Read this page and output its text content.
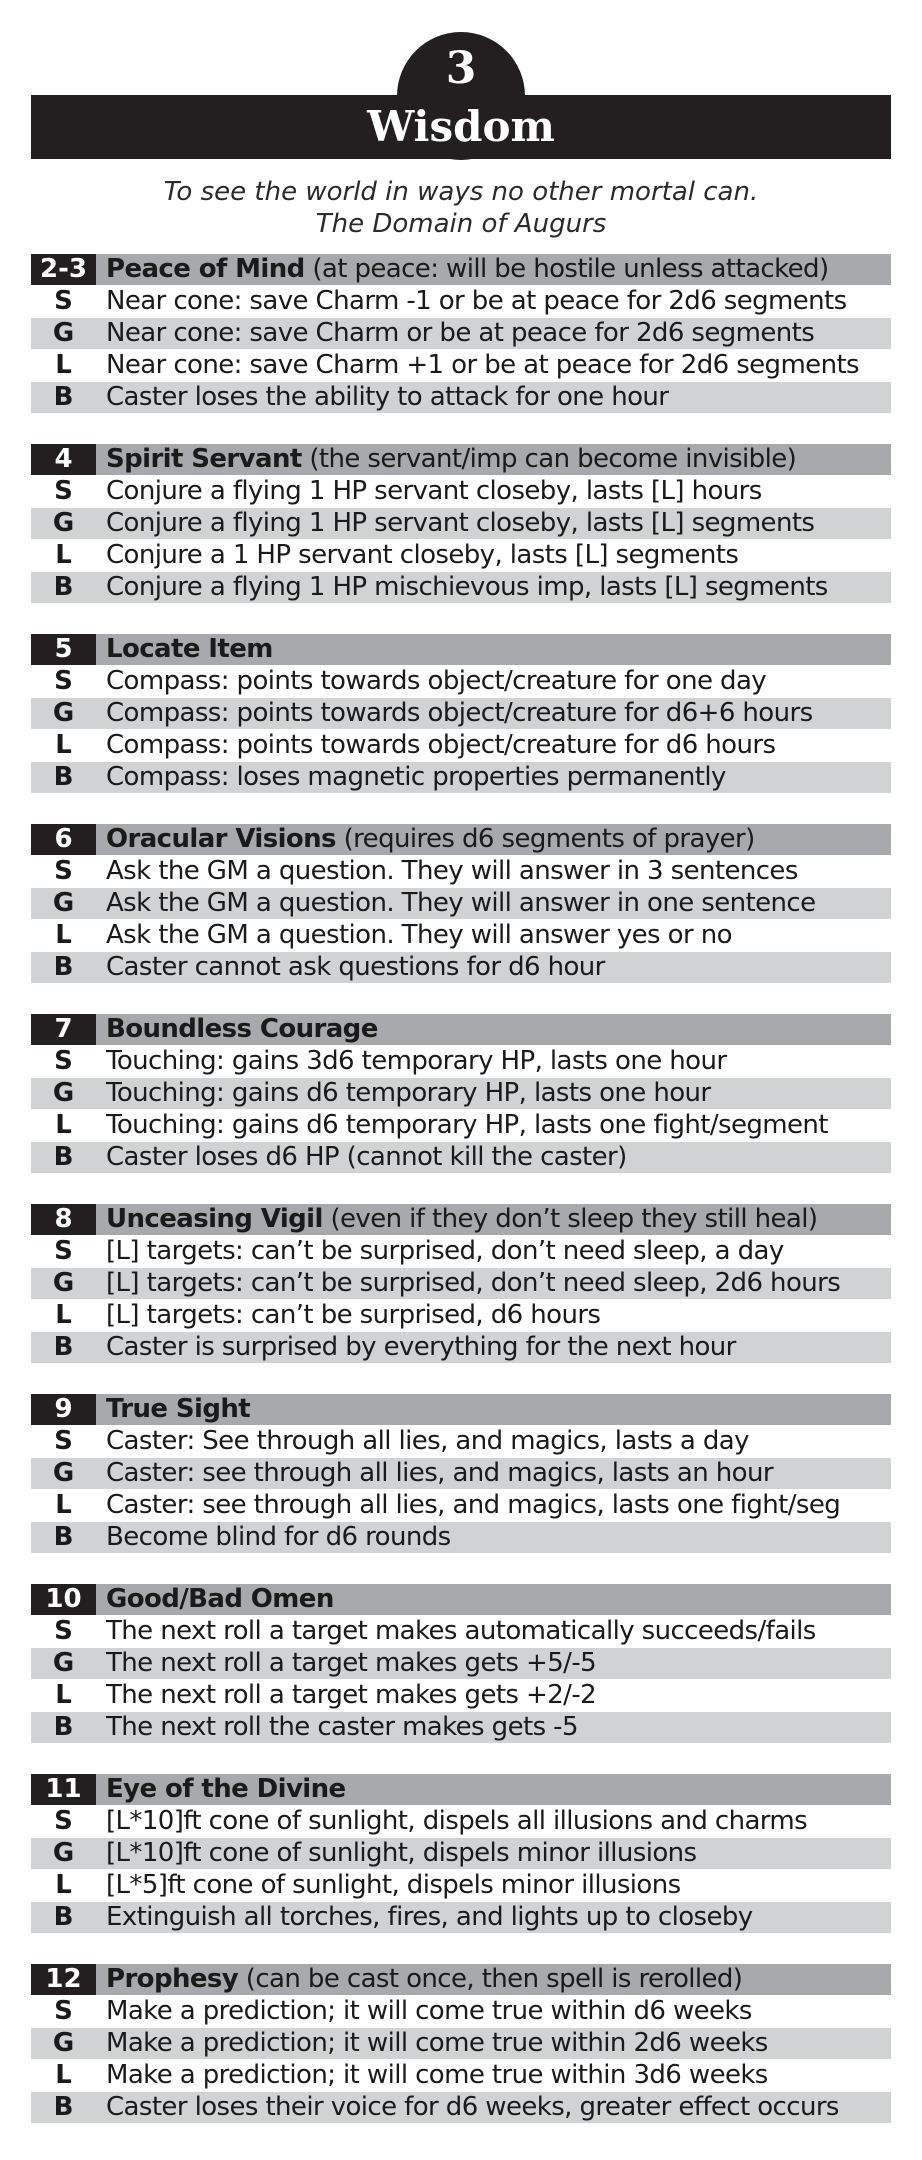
3
Wisdom
To see the world in ways no other mortal can.
The Domain of Augurs
2-3 Peace of Mind (at peace: will be hostile unless attacked)
S	Near cone: save Charm -1 or be at peace for 2d6 segments
G	Near cone: save Charm or be at peace for 2d6 segments
L	Near cone: save Charm +1 or be at peace for 2d6 segments
B	Caster loses the ability to attack for one hour
4	Spirit Servant (the servant/imp can become invisible)
S	Conjure a flying 1 HP servant closeby, lasts [L] hours
G	Conjure a flying 1 HP servant closeby, lasts [L] segments
L	Conjure a 1 HP servant closeby, lasts [L] segments
B	Conjure a flying 1 HP mischievous imp, lasts [L] segments
5	Locate Item
S	Compass: points towards object/creature for one day
G	Compass: points towards object/creature for d6+6 hours
L	Compass: points towards object/creature for d6 hours
B	Compass: loses magnetic properties permanently
6	Oracular Visions (requires d6 segments of prayer)
S	Ask the GM a question. They will answer in 3 sentences
G	Ask the GM a question. They will answer in one sentence
L	Ask the GM a question. They will answer yes or no
B	Caster cannot ask questions for d6 hour
7	Boundless Courage
S	Touching: gains 3d6 temporary HP, lasts one hour
G	Touching: gains d6 temporary HP, lasts one hour
L	Touching: gains d6 temporary HP, lasts one fight/segment
B	Caster loses d6 HP (cannot kill the caster)
8	Unceasing Vigil (even if they don’t sleep they still heal)
S	[L] targets: can’t be surprised, don’t need sleep, a day
G	[L] targets: can’t be surprised, don’t need sleep, 2d6 hours
L	[L] targets: can’t be surprised, d6 hours
B	Caster is surprised by everything for the next hour
9	True Sight
S	Caster: See through all lies, and magics, lasts a day
G	Caster: see through all lies, and magics, lasts an hour
L	Caster: see through all lies, and magics, lasts one fight/seg
B	Become blind for d6 rounds
10 Good/Bad Omen
S	The next roll a target makes automatically succeeds/fails
G	The next roll a target makes gets +5/-5
L	The next roll a target makes gets +2/-2
B	The next roll the caster makes gets -5
11 Eye of the Divine
S	[L*10]ft cone of sunlight, dispels all illusions and charms
G	[L*10]ft cone of sunlight, dispels minor illusions
L	[L*5]ft cone of sunlight, dispels minor illusions
B	Extinguish all torches, fires, and lights up to closeby
12 Prophesy (can be cast once, then spell is rerolled)
S	Make a prediction; it will come true within d6 weeks
G	Make a prediction; it will come true within 2d6 weeks
L	Make a prediction; it will come true within 3d6 weeks
B	Caster loses their voice for d6 weeks, greater effect occurs
